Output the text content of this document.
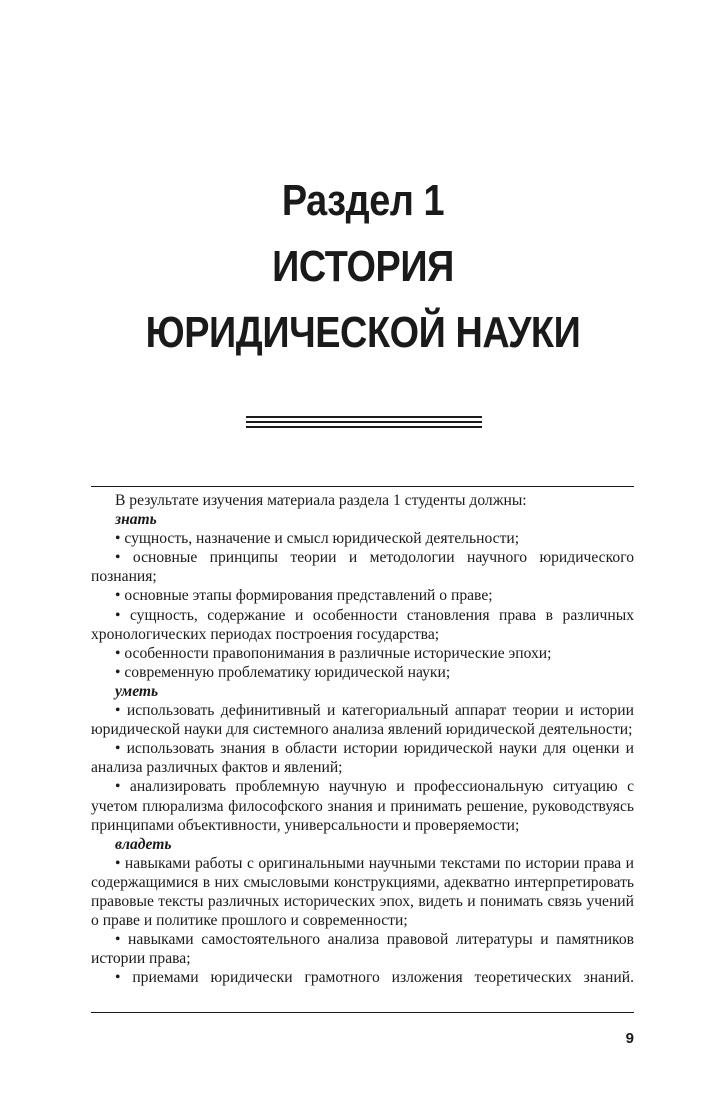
Раздел 1
ИСТОРИЯ
ЮРИДИЧЕСКОЙ НАУКИ

В результате изучения материала раздела 1 студенты должны:

знать

• сущность, назначение и смысл юридической деятельности;

• основные принципы теории и методологии научного юридического познания;

• основные этапы формирования представлений о праве;

• сущность, содержание и особенности становления права в различных хронологических периодах построения государства;

• особенности правопонимания в различные исторические эпохи;

• современную проблематику юридической науки;

уметь

• использовать дефинитивный и категориальный аппарат теории и истории юридической науки для системного анализа явлений юридической деятельности;

• использовать знания в области истории юридической науки для оценки и анализа различных фактов и явлений;

• анализировать проблемную научную и профессиональную ситуацию с учетом плюрализма философского знания и принимать решение, руководствуясь принципами объективности, универсальности и проверяемости;

владеть

• навыками работы с оригинальными научными текстами по истории права и содержащимися в них смысловыми конструкциями, адекватно интерпретировать правовые тексты различных исторических эпох, видеть и понимать связь учений о праве и политике прошлого и современности;

• навыками самостоятельного анализа правовой литературы и памятников истории права;

• приемами юридически грамотного изложения теоретических знаний.

9
